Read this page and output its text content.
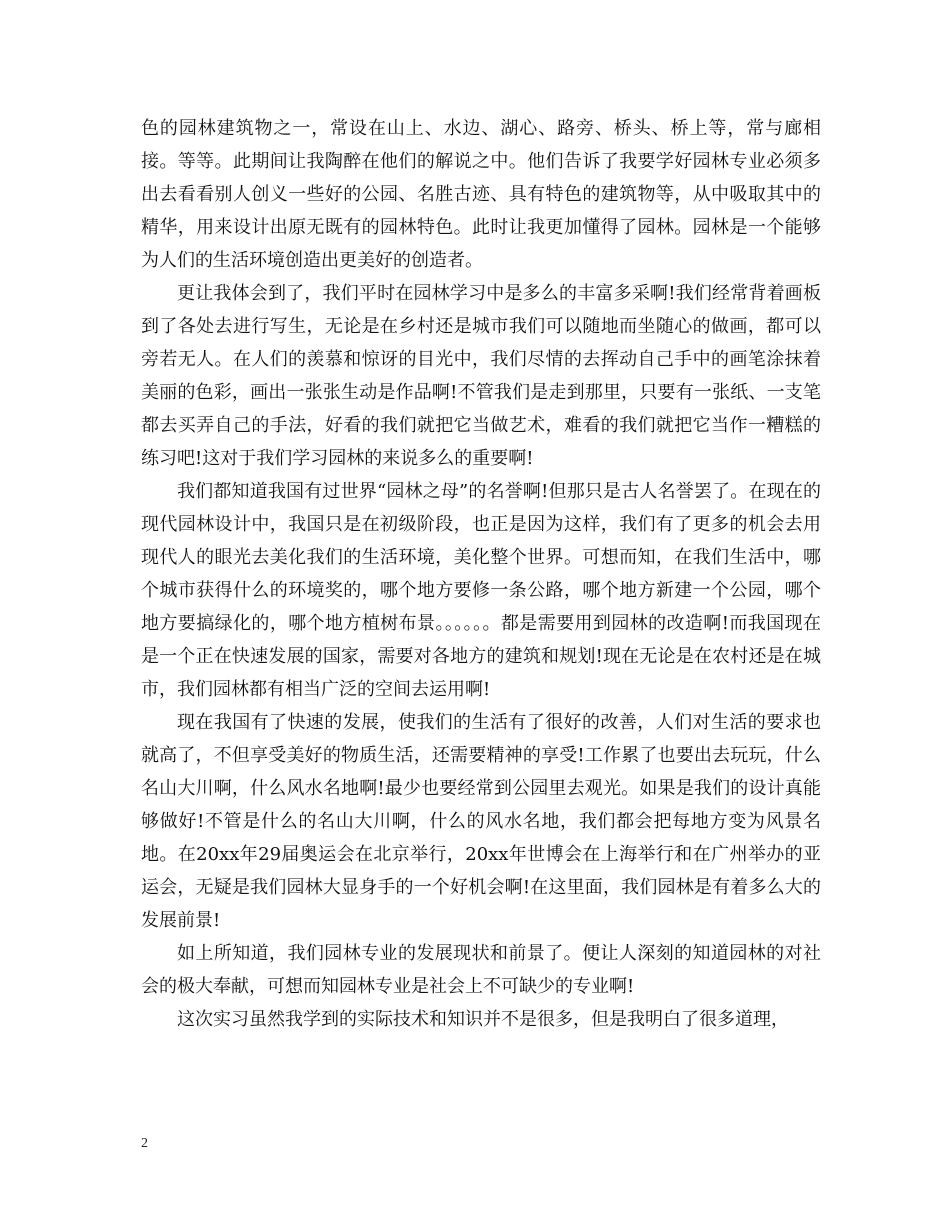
色的园林建筑物之一，常设在山上、水边、湖心、路旁、桥头、桥上等，常与廊相接。等等。此期间让我陶醉在他们的解说之中。他们告诉了我要学好园林专业必须多出去看看别人创义一些好的公园、名胜古迹、具有特色的建筑物等，从中吸取其中的精华，用来设计出原无既有的园林特色。此时让我更加懂得了园林。园林是一个能够为人们的生活环境创造出更美好的创造者。

更让我体会到了，我们平时在园林学习中是多么的丰富多采啊!我们经常背着画板到了各处去进行写生，无论是在乡村还是城市我们可以随地而坐随心的做画，都可以旁若无人。在人们的羡慕和惊讶的目光中，我们尽情的去挥动自己手中的画笔涂抹着美丽的色彩，画出一张张生动是作品啊!不管我们是走到那里，只要有一张纸、一支笔都去买弄自己的手法，好看的我们就把它当做艺术，难看的我们就把它当作一糟糕的练习吧!这对于我们学习园林的来说多么的重要啊!

我们都知道我国有过世界“园林之母”的名誉啊!但那只是古人名誉罢了。在现在的现代园林设计中，我国只是在初级阶段，也正是因为这样，我们有了更多的机会去用现代人的眼光去美化我们的生活环境，美化整个世界。可想而知，在我们生活中，哪个城市获得什么的环境奖的，哪个地方要修一条公路，哪个地方新建一个公园，哪个地方要搞绿化的，哪个地方植树布景。。。。。。都是需要用到园林的改造啊!而我国现在是一个正在快速发展的国家，需要对各地方的建筑和规划!现在无论是在农村还是在城市，我们园林都有相当广泛的空间去运用啊!

现在我国有了快速的发展，使我们的生活有了很好的改善，人们对生活的要求也就高了，不但享受美好的物质生活，还需要精神的享受!工作累了也要出去玩玩，什么名山大川啊，什么风水名地啊!最少也要经常到公园里去观光。如果是我们的设计真能够做好!不管是什么的名山大川啊，什么的风水名地，我们都会把每地方变为风景名地。在20xx年29届奥运会在北京举行，20xx年世博会在上海举行和在广州举办的亚运会，无疑是我们园林大显身手的一个好机会啊!在这里面，我们园林是有着多么大的发展前景!

如上所知道，我们园林专业的发展现状和前景了。便让人深刻的知道园林的对社会的极大奉献，可想而知园林专业是社会上不可缺少的专业啊!

这次实习虽然我学到的实际技术和知识并不是很多，但是我明白了很多道理，

2
